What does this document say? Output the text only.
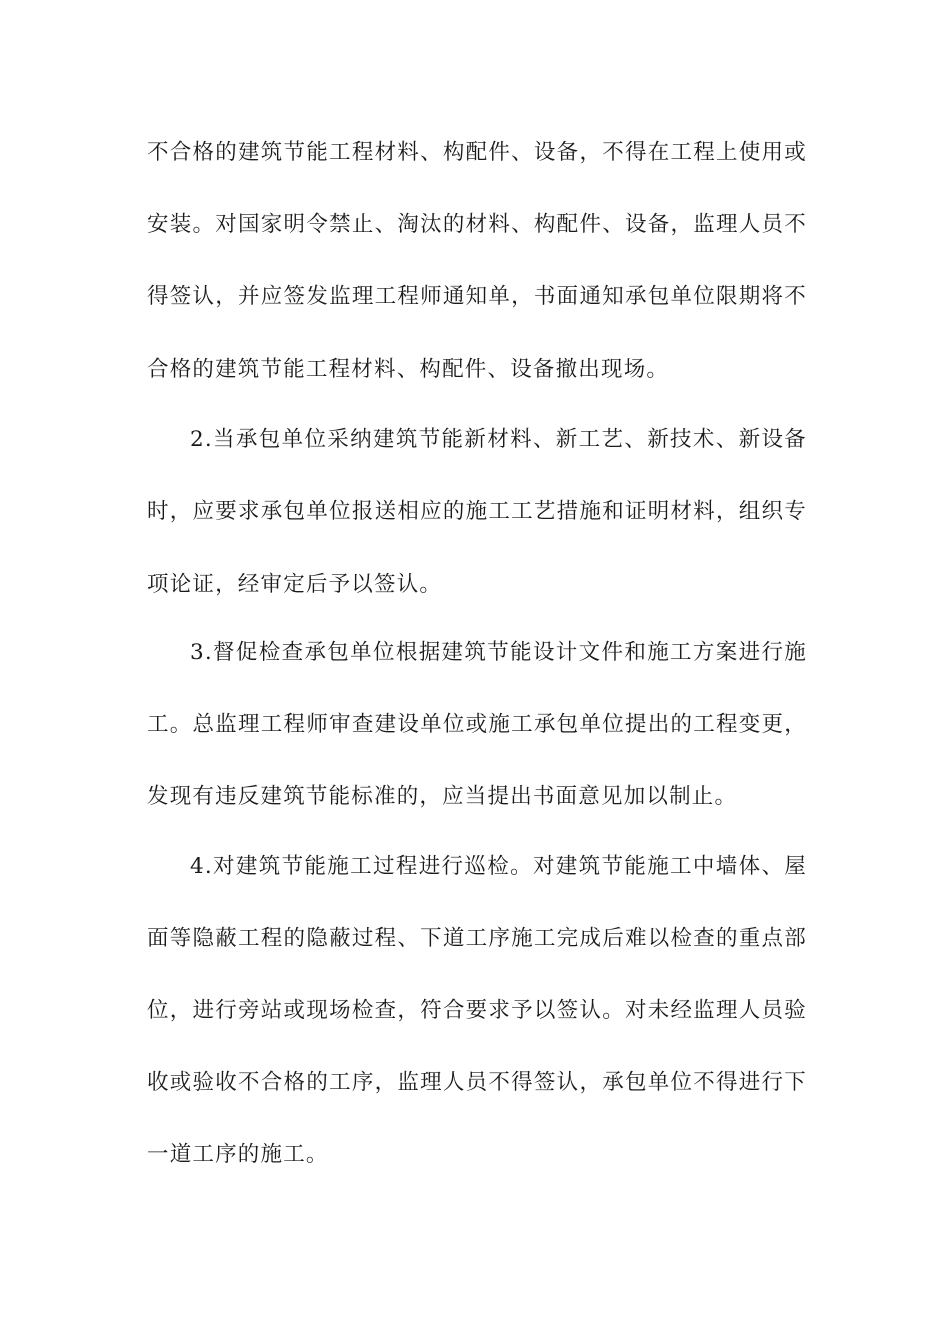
不合格的建筑节能工程材料、构配件、设备，不得在工程上使用或
安装。对国家明令禁止、淘汰的材料、构配件、设备，监理人员不
得签认，并应签发监理工程师通知单，书面通知承包单位限期将不
合格的建筑节能工程材料、构配件、设备撤出现场。
2.当承包单位采纳建筑节能新材料、新工艺、新技术、新设备
时，应要求承包单位报送相应的施工工艺措施和证明材料，组织专
项论证，经审定后予以签认。
3.督促检查承包单位根据建筑节能设计文件和施工方案进行施
工。总监理工程师审查建设单位或施工承包单位提出的工程变更，
发现有违反建筑节能标准的，应当提出书面意见加以制止。
4.对建筑节能施工过程进行巡检。对建筑节能施工中墙体、屋
面等隐蔽工程的隐蔽过程、下道工序施工完成后难以检查的重点部
位，进行旁站或现场检查，符合要求予以签认。对未经监理人员验
收或验收不合格的工序，监理人员不得签认，承包单位不得进行下
一道工序的施工。
